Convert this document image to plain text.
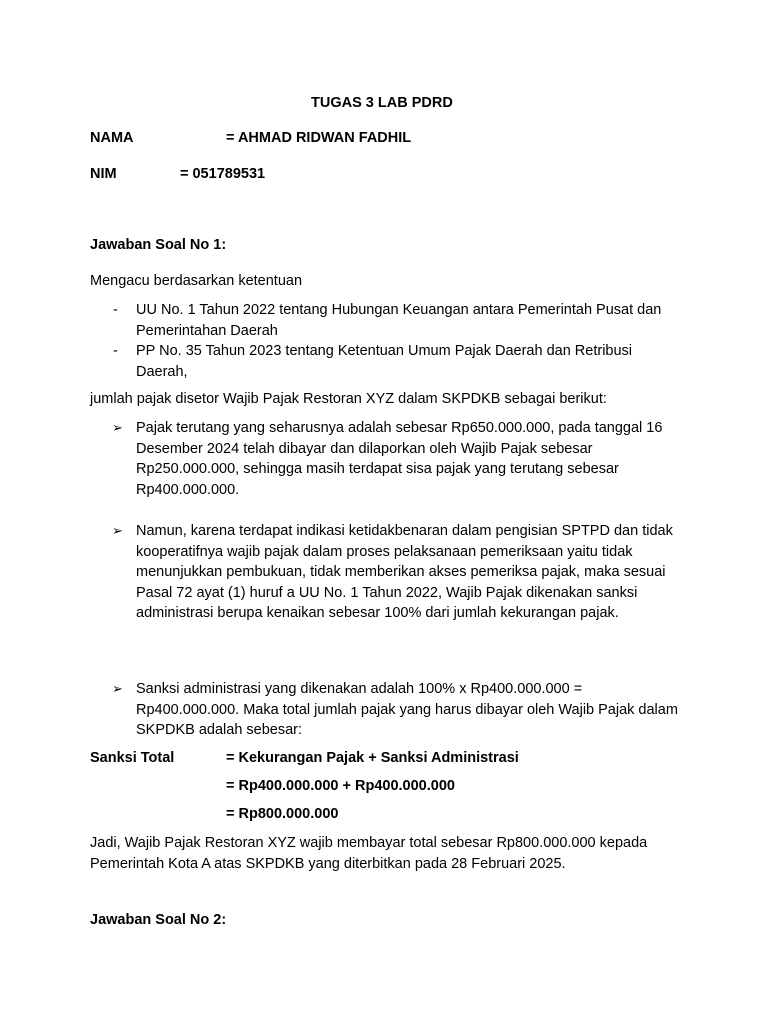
TUGAS 3 LAB PDRD
NAMA	= AHMAD RIDWAN FADHIL
NIM	= 051789531
Jawaban Soal No 1:
Mengacu berdasarkan ketentuan
- UU No. 1 Tahun 2022 tentang Hubungan Keuangan antara Pemerintah Pusat dan Pemerintahan Daerah
- PP No. 35 Tahun 2023 tentang Ketentuan Umum Pajak Daerah dan Retribusi Daerah,
jumlah pajak disetor Wajib Pajak Restoran XYZ dalam SKPDKB sebagai berikut:
➢ Pajak terutang yang seharusnya adalah sebesar Rp650.000.000, pada tanggal 16 Desember 2024 telah dibayar dan dilaporkan oleh Wajib Pajak sebesar Rp250.000.000, sehingga masih terdapat sisa pajak yang terutang sebesar Rp400.000.000.
➢ Namun, karena terdapat indikasi ketidakbenaran dalam pengisian SPTPD dan tidak kooperatifnya wajib pajak dalam proses pelaksanaan pemeriksaan yaitu tidak menunjukkan pembukuan, tidak memberikan akses pemeriksa pajak, maka sesuai Pasal 72 ayat (1) huruf a UU No. 1 Tahun 2022, Wajib Pajak dikenakan sanksi administrasi berupa kenaikan sebesar 100% dari jumlah kekurangan pajak.
➢ Sanksi administrasi yang dikenakan adalah 100% x Rp400.000.000 = Rp400.000.000. Maka total jumlah pajak yang harus dibayar oleh Wajib Pajak dalam SKPDKB adalah sebesar:
Sanksi Total	= Kekurangan Pajak + Sanksi Administrasi
= Rp400.000.000 + Rp400.000.000
= Rp800.000.000
Jadi, Wajib Pajak Restoran XYZ wajib membayar total sebesar Rp800.000.000 kepada Pemerintah Kota A atas SKPDKB yang diterbitkan pada 28 Februari 2025.
Jawaban Soal No 2:
